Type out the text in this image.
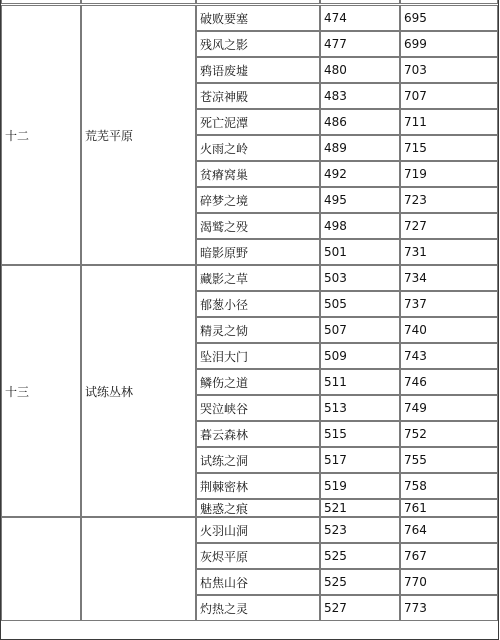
十二	荒芜平原
破败要塞	474	695
残风之影	477	699
鸦语废墟	480	703
苍凉神殿	483	707
死亡泥潭	486	711
火雨之岭	489	715
贫瘠窝巢	492	719
碎梦之境	495	723
渴鹫之殁	498	727
暗影原野	501	731
十三	试练丛林
藏影之草	503	734
郁葱小径	505	737
精灵之恸	507	740
坠泪大门	509	743
鳞伤之道	511	746
哭泣峡谷	513	749
暮云森林	515	752
试练之洞	517	755
荆棘密林	519	758
魅惑之痕	521	761
火羽山洞	523	764
灰烬平原	525	767
枯焦山谷	525	770
灼热之灵	527	773
